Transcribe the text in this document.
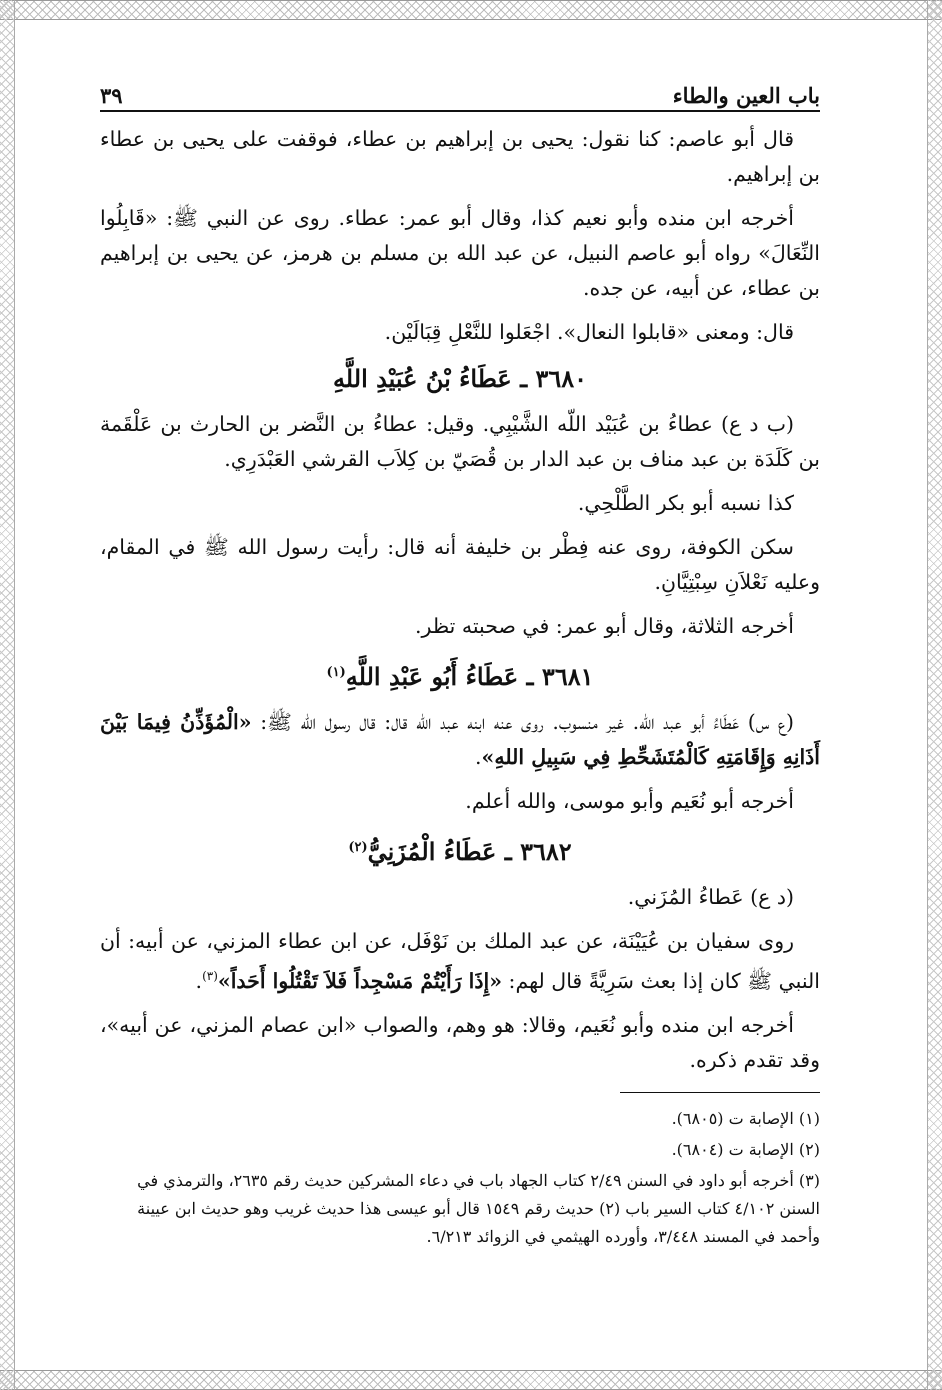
باب العين والطاء
٣٩

قال أبو عاصم: كنا نقول: يحيى بن إبراهيم بن عطاء، فوقفت على يحيى بن عطاء بن إبراهيم.

أخرجه ابن منده وأبو نعيم كذا، وقال أبو عمر: عطاء. روى عن النبي ﷺ: «قَابِلُوا النِّعَالَ» رواه أبو عاصم النبيل، عن عبد الله بن مسلم بن هرمز، عن يحيى بن إبراهيم بن عطاء، عن أبيه، عن جده.

قال: ومعنى «قابلوا النعال». اجْعَلوا للنَّعْلِ قِبَالَيْن.

٣٦٨٠ ـ عَطَاءُ بْنُ عُبَيْدِ اللَّهِ

(ب د ع) عطاءُ بن عُبَيْد اللّه الشَّيْبِي. وقيل: عطاءُ بن النَّضر بن الحارث بن عَلْقَمة بن كَلَدَة بن عبد مناف بن عبد الدار بن قُصَيّ بن كِلاَب القرشي العَبْدَرِي.

كذا نسبه أبو بكر الطَّلْحِي.

سكن الكوفة، روى عنه فِطْر بن خليفة أنه قال: رأيت رسول الله ﷺ في المقام، وعليه نَعْلاَنِ سِبْتِيَّانِ.

أخرجه الثلاثة، وقال أبو عمر: في صحبته تظر.

٣٦٨١ ـ عَطَاءُ أَبُو عَبْدِ اللَّهِ$^{(١)}$

(ع س) عَطَاءُ أبو عبد الله. غير منسوب. روى عنه ابنه عبد الله قال: قال رسول الله ﷺ: «الْمُؤَذِّنُ فِيمَا بَيْنَ أَذَانِهِ وَإِقَامَتِهِ كَالْمُتَشَحِّطِ فِي سَبِيلِ اللهِ».

أخرجه أبو نُعَيم وأبو موسى، والله أعلم.

٣٦٨٢ ـ عَطَاءُ الْمُزَنِيُّ$^{(٢)}$

(د ع) عَطاءُ المُزَني.

روى سفيان بن عُيَيْنَة، عن عبد الملك بن نَوْفَل، عن ابن عطاء المزني، عن أبيه: أن النبي ﷺ كان إذا بعث سَرِيَّةً قال لهم: «إِذَا رَأَيْتُمْ مَسْجِداً فَلاَ تَقْتُلُوا أَحَداً»$^{(٣)}$.

أخرجه ابن منده وأبو نُعَيم، وقالا: هو وهم، والصواب «ابن عصام المزني، عن أبيه»، وقد تقدم ذكره.

(١) الإصابة ت (٦٨٠٥).
(٢) الإصابة ت (٦٨٠٤).
(٣) أخرجه أبو داود في السنن ٢/٤٩ كتاب الجهاد باب في دعاء المشركين حديث رقم ٢٦٣٥، والترمذي في السنن ٤/١٠٢ كتاب السير باب (٢) حديث رقم ١٥٤٩ قال أبو عيسى هذا حديث غريب وهو حديث ابن عيينة وأحمد في المسند ٣/٤٤٨، وأورده الهيثمي في الزوائد ٦/٢١٣.
